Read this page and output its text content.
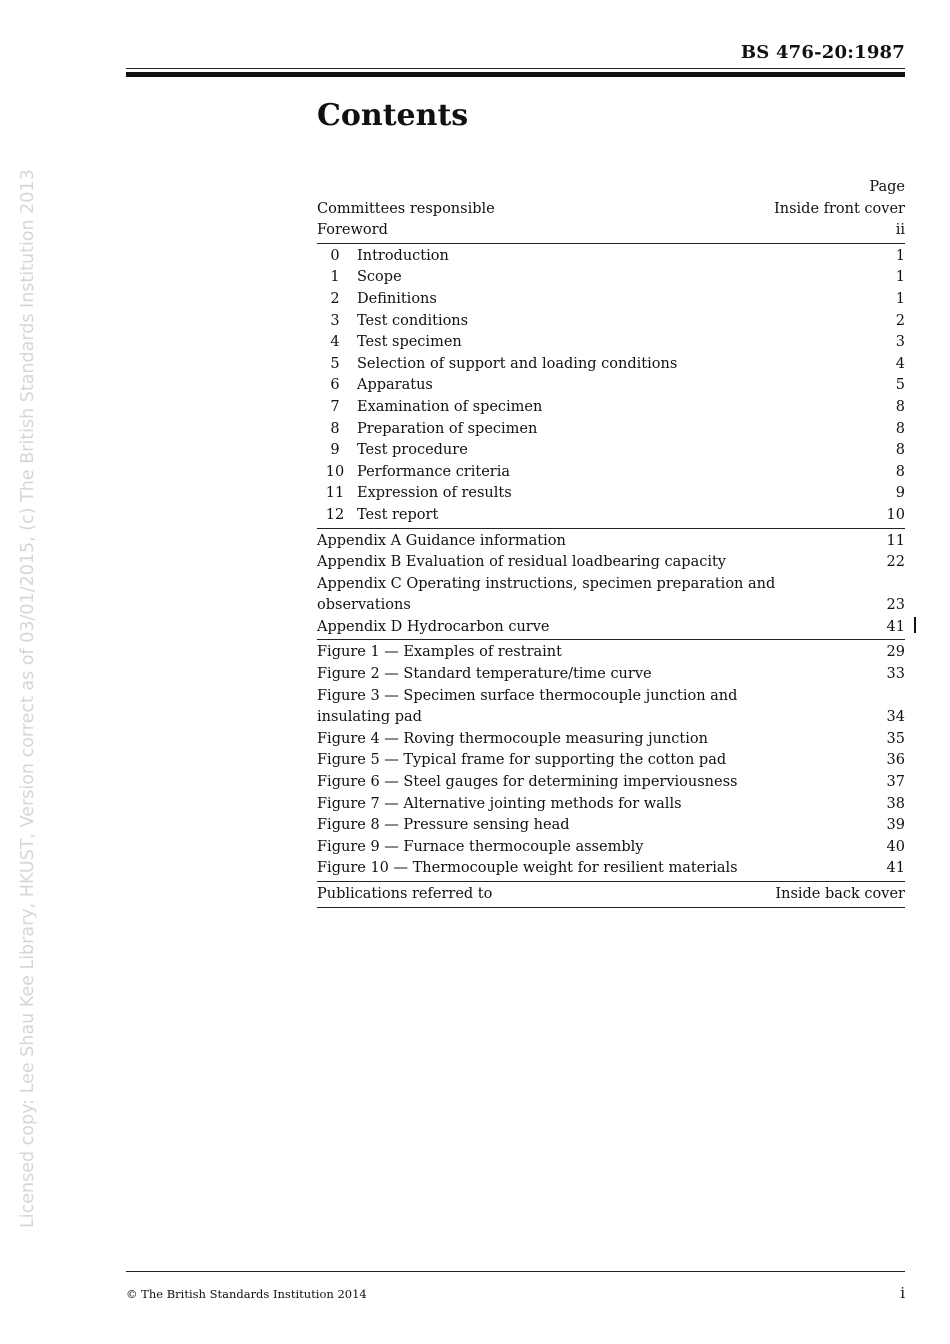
BS 476-20:1987
Licensed copy: Lee Shau Kee Library, HKUST, Version correct as of 03/01/2015, (c) The British Standards Institution 2013
Contents
Page
Committees responsible	Inside front cover
Foreword	ii
0	Introduction	1
1	Scope	1
2	Definitions	1
3	Test conditions	2
4	Test specimen	3
5	Selection of support and loading conditions	4
6	Apparatus	5
7	Examination of specimen	8
8	Preparation of specimen	8
9	Test procedure	8
10 Performance criteria	8
11 Expression of results	9
12 Test report	10
Appendix A Guidance information	11
Appendix B Evaluation of residual loadbearing capacity	22
Appendix C Operating instructions, specimen preparation and
observations	23
Appendix D Hydrocarbon curve	41
Figure 1 — Examples of restraint	29
Figure 2 — Standard temperature/time curve	33
Figure 3 — Specimen surface thermocouple junction and
insulating pad	34
Figure 4 — Roving thermocouple measuring junction	35
Figure 5 — Typical frame for supporting the cotton pad	36
Figure 6 — Steel gauges for determining imperviousness	37
Figure 7 — Alternative jointing methods for walls	38
Figure 8 — Pressure sensing head	39
Figure 9 — Furnace thermocouple assembly	40
Figure 10 — Thermocouple weight for resilient materials	41
Publications referred to	Inside back cover
© The British Standards Institution 2014	i
